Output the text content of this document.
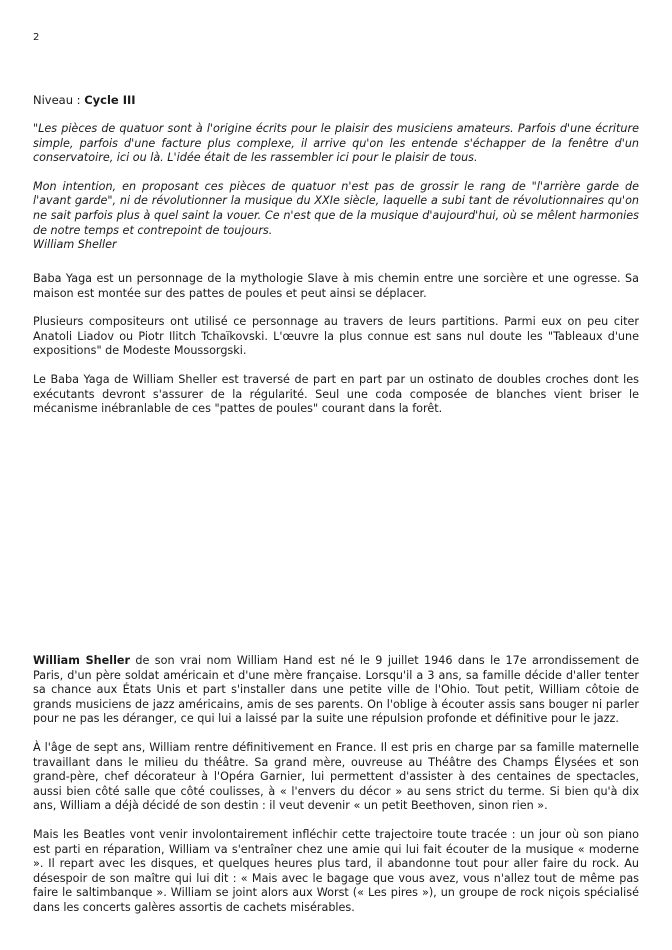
2
Niveau : Cycle III

"Les pièces de quatuor sont à l'origine écrits pour le plaisir des musiciens amateurs. Parfois d'une écriture simple, parfois d'une facture plus complexe, il arrive qu'on les entende s'échapper de la fenêtre d'un conservatoire, ici ou là. L'idée était de les rassembler ici pour le plaisir de tous.

Mon intention, en proposant ces pièces de quatuor n'est pas de grossir le rang de "l'arrière garde de l'avant garde", ni de révolutionner la musique du XXIe siècle, laquelle a subi tant de révolutionnaires qu'on ne sait parfois plus à quel saint la vouer. Ce n'est que de la musique d'aujourd'hui, où se mêlent harmonies de notre temps et contrepoint de toujours.

William Sheller

Baba Yaga est un personnage de la mythologie Slave à mis chemin entre une sorcière et une ogresse. Sa maison est montée sur des pattes de poules et peut ainsi se déplacer.

Plusieurs compositeurs ont utilisé ce personnage au travers de leurs partitions. Parmi eux on peu citer Anatoli Liadov ou Piotr Ilitch Tchaïkovski. L'œuvre la plus connue est sans nul doute les "Tableaux d'une expositions" de Modeste Moussorgski.

Le Baba Yaga de William Sheller est traversé de part en part par un ostinato de doubles croches dont les exécutants devront s'assurer de la régularité. Seul une coda composée de blanches vient briser le mécanisme inébranlable de ces "pattes de poules" courant dans la forêt.

William Sheller de son vrai nom William Hand est né le 9 juillet 1946 dans le 17e arrondissement de Paris, d'un père soldat américain et d'une mère française. Lorsqu'il a 3 ans, sa famille décide d'aller tenter sa chance aux États Unis et part s'installer dans une petite ville de l'Ohio. Tout petit, William côtoie de grands musiciens de jazz américains, amis de ses parents. On l'oblige à écouter assis sans bouger ni parler pour ne pas les déranger, ce qui lui a laissé par la suite une répulsion profonde et définitive pour le jazz.

À l'âge de sept ans, William rentre définitivement en France. Il est pris en charge par sa famille maternelle travaillant dans le milieu du théâtre. Sa grand mère, ouvreuse au Théâtre des Champs Élysées et son grand-père, chef décorateur à l'Opéra Garnier, lui permettent d'assister à des centaines de spectacles, aussi bien côté salle que côté coulisses, à « l'envers du décor » au sens strict du terme. Si bien qu'à dix ans, William a déjà décidé de son destin : il veut devenir « un petit Beethoven, sinon rien ».

Mais les Beatles vont venir involontairement infléchir cette trajectoire toute tracée : un jour où son piano est parti en réparation, William va s'entraîner chez une amie qui lui fait écouter de la musique « moderne ». Il repart avec les disques, et quelques heures plus tard, il abandonne tout pour aller faire du rock. Au désespoir de son maître qui lui dit : « Mais avec le bagage que vous avez, vous n'allez tout de même pas faire le saltimbanque ». William se joint alors aux Worst (« Les pires »), un groupe de rock niçois spécialisé dans les concerts galères assortis de cachets misérables.
